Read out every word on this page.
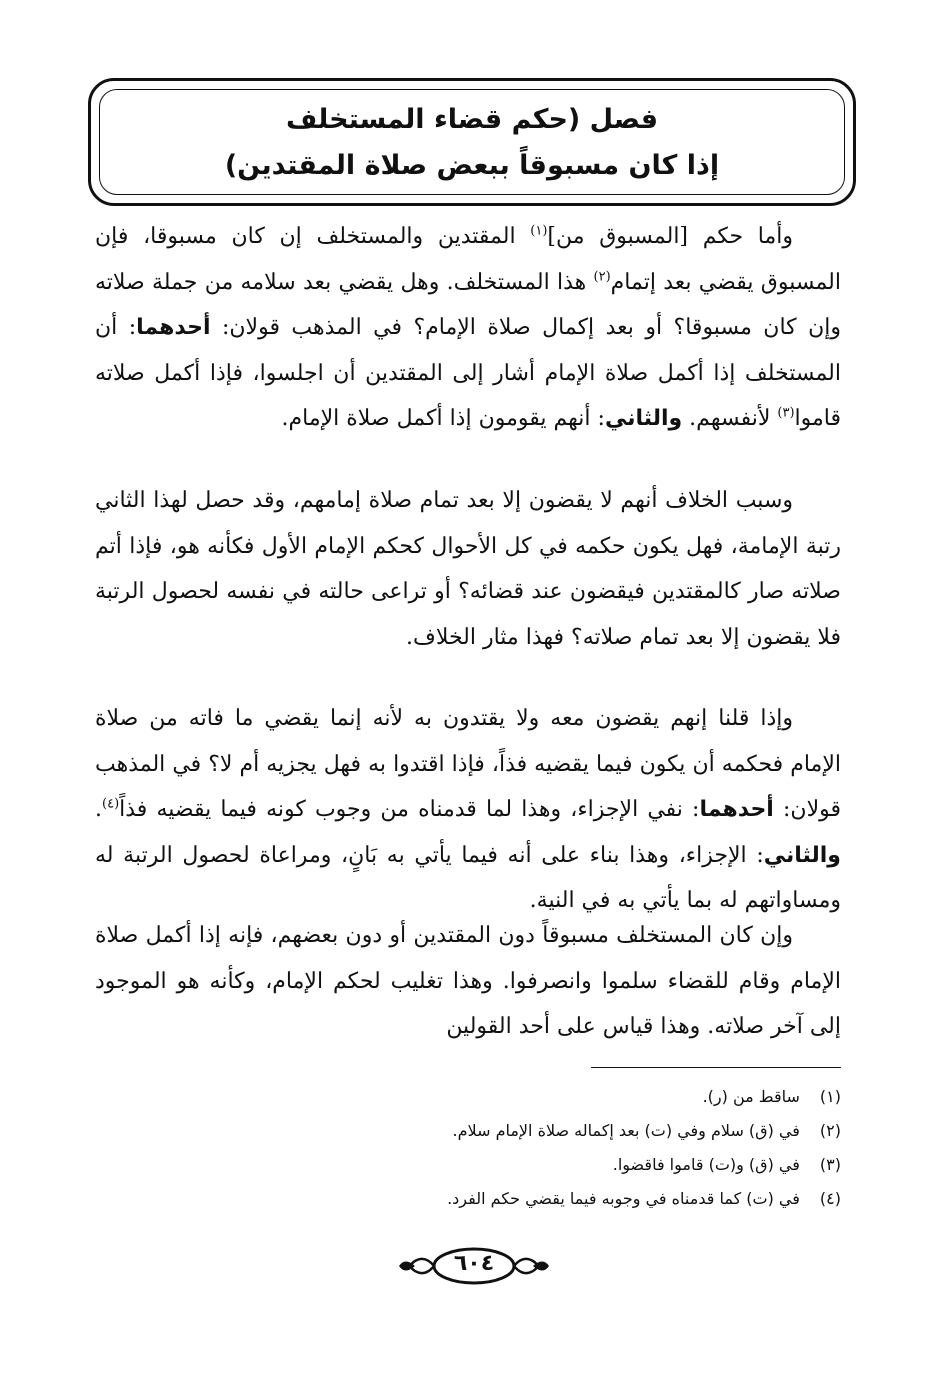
فصل (حكم قضاء المستخلف
إذا كان مسبوقاً ببعض صلاة المقتدين)

وأما حكم [المسبوق من]$^{(١)}$ المقتدين والمستخلف إن كان مسبوقا، فإن المسبوق يقضي بعد إتمام$^{(٢)}$ هذا المستخلف. وهل يقضي بعد سلامه من جملة صلاته وإن كان مسبوقا؟ أو بعد إكمال صلاة الإمام؟ في المذهب قولان: أحدهما: أن المستخلف إذا أكمل صلاة الإمام أشار إلى المقتدين أن اجلسوا، فإذا أكمل صلاته قاموا$^{(٣)}$ لأنفسهم. والثاني: أنهم يقومون إذا أكمل صلاة الإمام.

وسبب الخلاف أنهم لا يقضون إلا بعد تمام صلاة إمامهم، وقد حصل لهذا الثاني رتبة الإمامة، فهل يكون حكمه في كل الأحوال كحكم الإمام الأول فكأنه هو، فإذا أتم صلاته صار كالمقتدين فيقضون عند قضائه؟ أو تراعى حالته في نفسه لحصول الرتبة فلا يقضون إلا بعد تمام صلاته؟ فهذا مثار الخلاف.

وإذا قلنا إنهم يقضون معه ولا يقتدون به لأنه إنما يقضي ما فاته من صلاة الإمام فحكمه أن يكون فيما يقضيه فذاً، فإذا اقتدوا به فهل يجزيه أم لا؟ في المذهب قولان: أحدهما: نفي الإجزاء، وهذا لما قدمناه من وجوب كونه فيما يقضيه فذاً$^{(٤)}$. والثاني: الإجزاء، وهذا بناء على أنه فيما يأتي به بَانٍ، ومراعاة لحصول الرتبة له ومساواتهم له بما يأتي به في النية.

وإن كان المستخلف مسبوقاً دون المقتدين أو دون بعضهم، فإنه إذا أكمل صلاة الإمام وقام للقضاء سلموا وانصرفوا. وهذا تغليب لحكم الإمام، وكأنه هو الموجود إلى آخر صلاته. وهذا قياس على أحد القولين

(١) ساقط من (ر).
(٢) في (ق) سلام وفي (ت) بعد إكماله صلاة الإمام سلام.
(٣) في (ق) و(ت) قاموا فاقضوا.
(٤) في (ت) كما قدمناه في وجوبه فيما يقضي حكم الفرد.
٦٠٤
